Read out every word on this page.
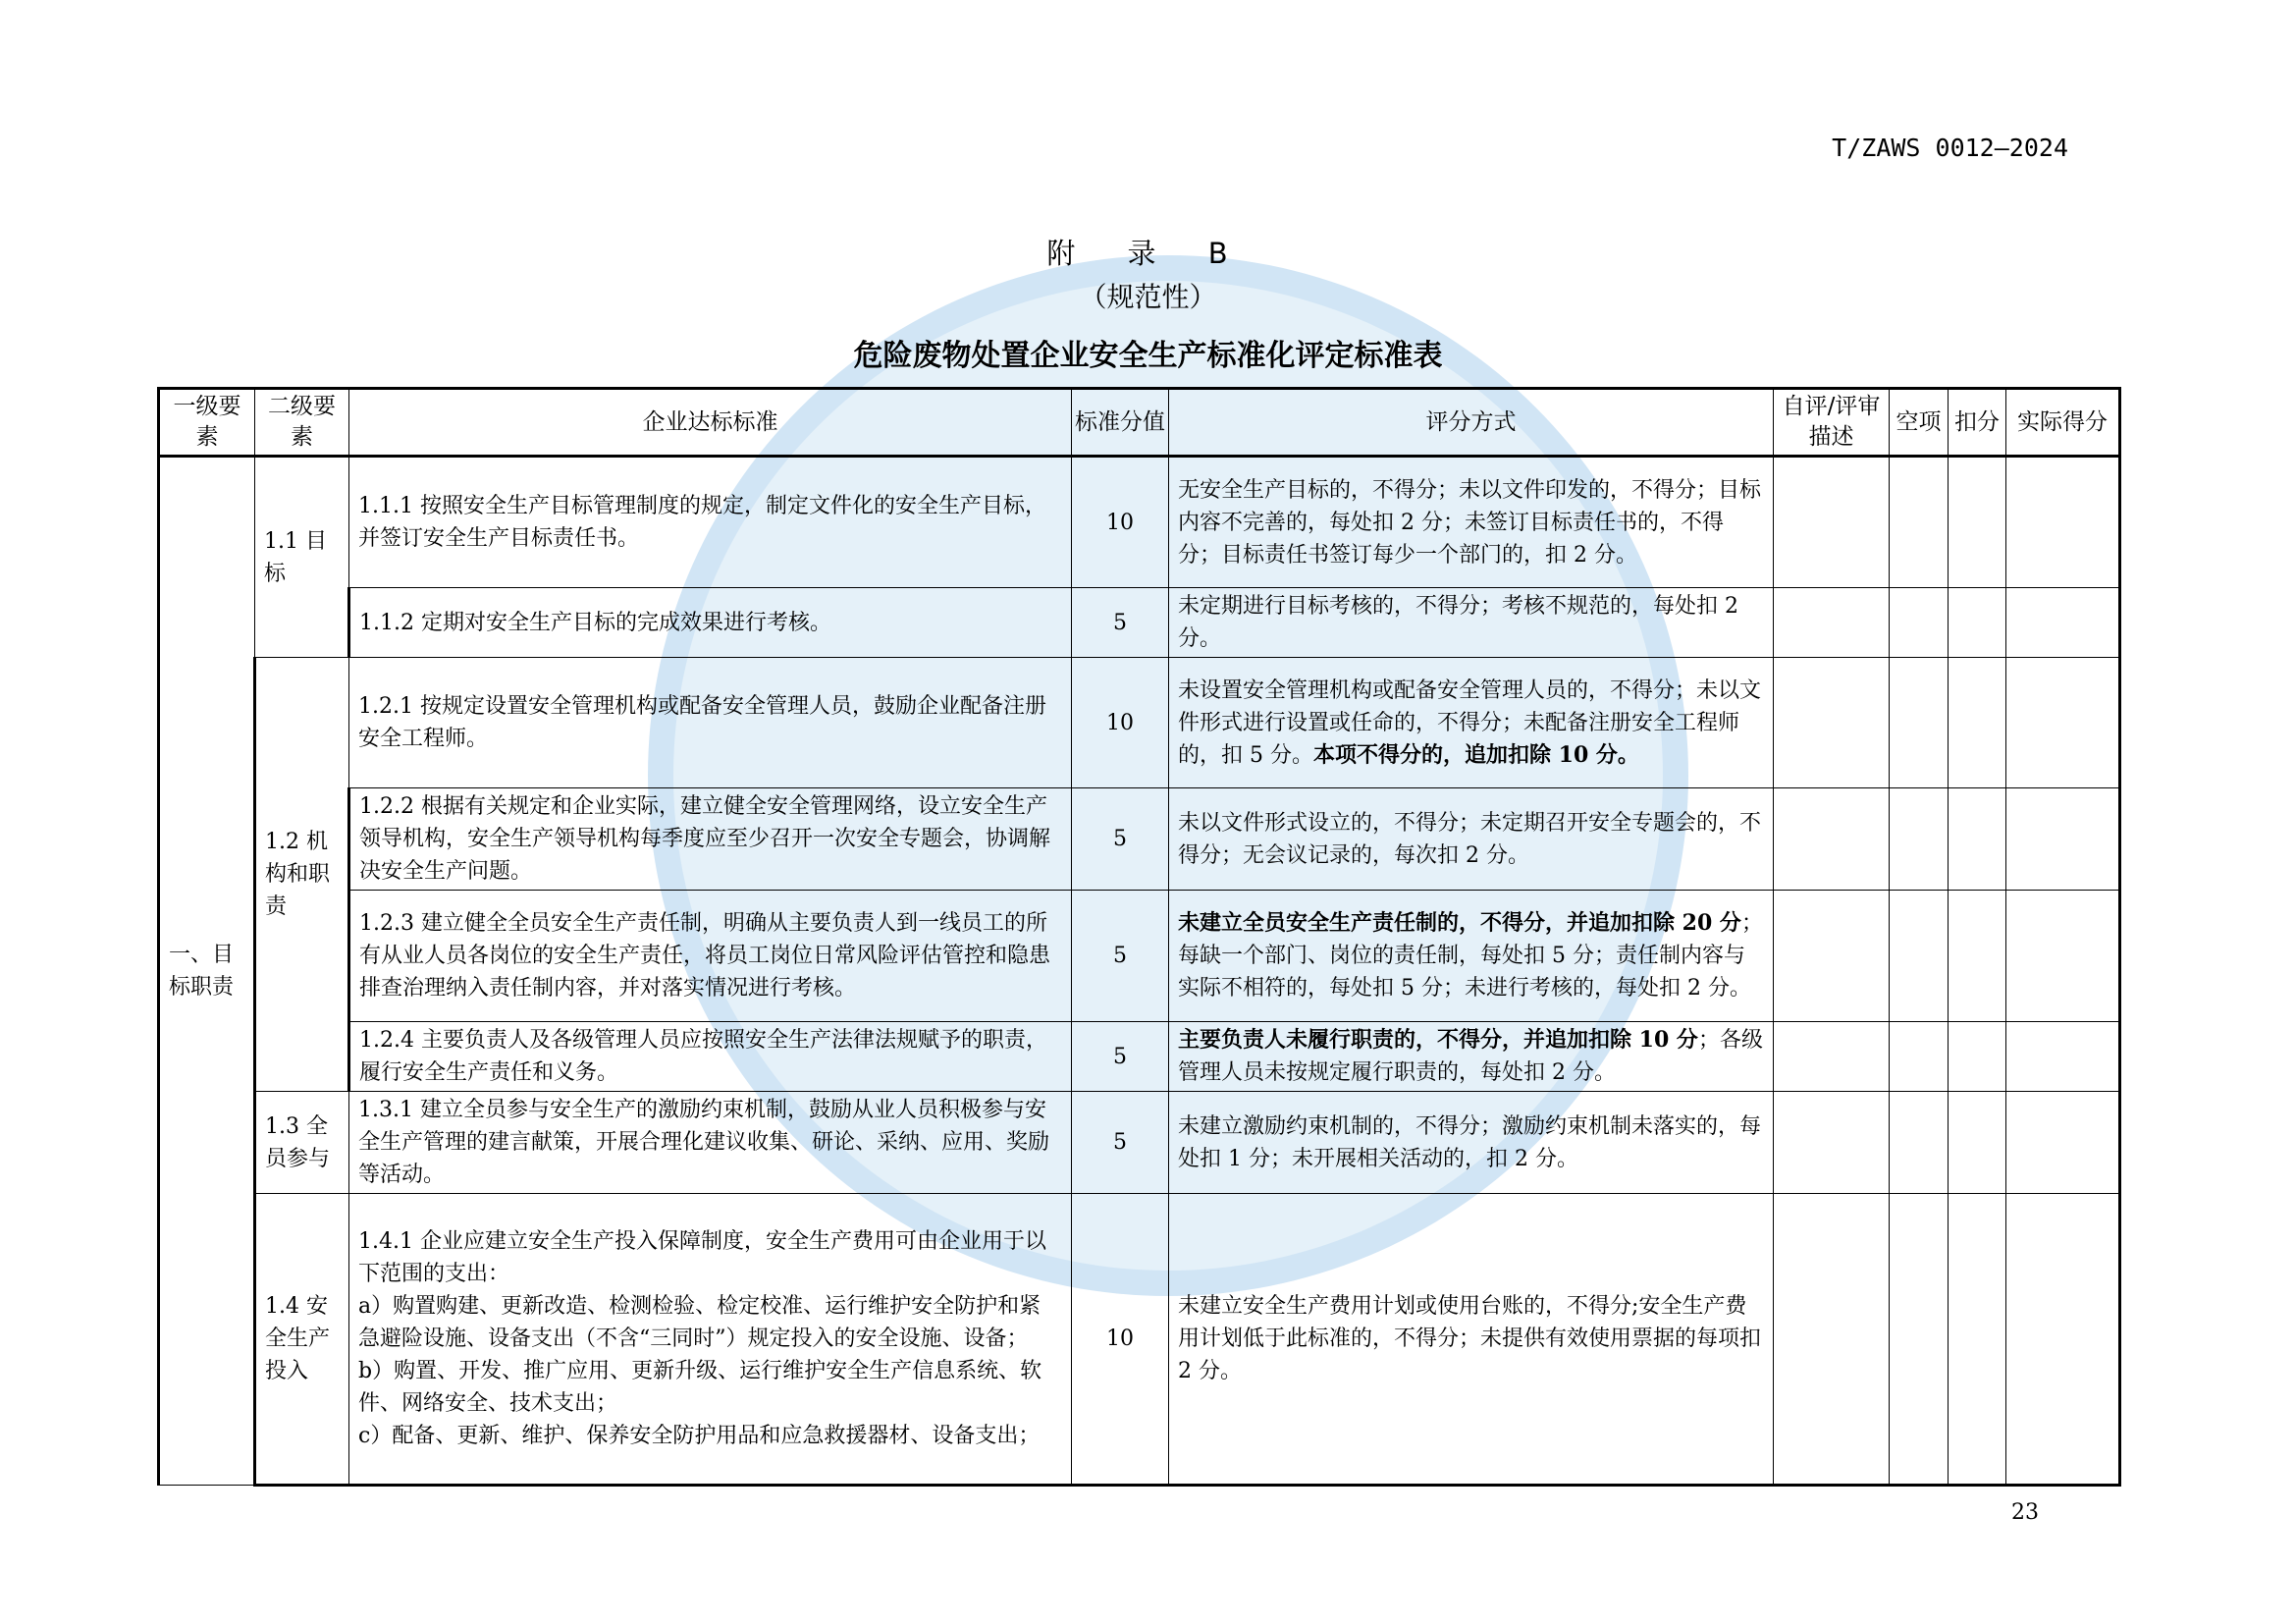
T/ZAWS 0012—2024
附 录 B
（规范性）
危险废物处置企业安全生产标准化评定标准表
一级要素	二级要素	企业达标标准	标准分值	评分方式	自评/评审描述	空项	扣分	实际得分
一、目标职责	1.1 目标	1.1.1 按照安全生产目标管理制度的规定，制定文件化的安全生产目标，并签订安全生产目标责任书。	10	无安全生产目标的，不得分；未以文件印发的，不得分；目标内容不完善的，每处扣 2 分；未签订目标责任书的，不得分；目标责任书签订每少一个部门的，扣 2 分。				
		1.1.2 定期对安全生产目标的完成效果进行考核。	5	未定期进行目标考核的，不得分；考核不规范的，每处扣 2 分。				
	1.2 机构和职责	1.2.1 按规定设置安全管理机构或配备安全管理人员，鼓励企业配备注册安全工程师。	10	未设置安全管理机构或配备安全管理人员的，不得分；未以文件形式进行设置或任命的，不得分；未配备注册安全工程师的，扣 5 分。本项不得分的，追加扣除 10 分。				
		1.2.2 根据有关规定和企业实际，建立健全安全管理网络，设立安全生产领导机构，安全生产领导机构每季度应至少召开一次安全专题会，协调解决安全生产问题。	5	未以文件形式设立的，不得分；未定期召开安全专题会的，不得分；无会议记录的，每次扣 2 分。				
		1.2.3 建立健全全员安全生产责任制，明确从主要负责人到一线员工的所有从业人员各岗位的安全生产责任，将员工岗位日常风险评估管控和隐患排查治理纳入责任制内容，并对落实情况进行考核。	5	未建立全员安全生产责任制的，不得分，并追加扣除 20 分；每缺一个部门、岗位的责任制，每处扣 5 分；责任制内容与实际不相符的，每处扣 5 分；未进行考核的，每处扣 2 分。				
		1.2.4 主要负责人及各级管理人员应按照安全生产法律法规赋予的职责，履行安全生产责任和义务。	5	主要负责人未履行职责的，不得分，并追加扣除 10 分；各级管理人员未按规定履行职责的，每处扣 2 分。				
	1.3 全员参与	1.3.1 建立全员参与安全生产的激励约束机制，鼓励从业人员积极参与安全生产管理的建言献策，开展合理化建议收集、研论、采纳、应用、奖励等活动。	5	未建立激励约束机制的，不得分；激励约束机制未落实的，每处扣 1 分；未开展相关活动的，扣 2 分。				
	1.4 安全生产投入	1.4.1 企业应建立安全生产投入保障制度，安全生产费用可由企业用于以下范围的支出：
a）购置购建、更新改造、检测检验、检定校准、运行维护安全防护和紧急避险设施、设备支出（不含“三同时”）规定投入的安全设施、设备；
b）购置、开发、推广应用、更新升级、运行维护安全生产信息系统、软件、网络安全、技术支出；
c）配备、更新、维护、保养安全防护用品和应急救援器材、设备支出；	10	未建立安全生产费用计划或使用台账的，不得分;安全生产费用计划低于此标准的，不得分；未提供有效使用票据的每项扣 2 分。				
23
